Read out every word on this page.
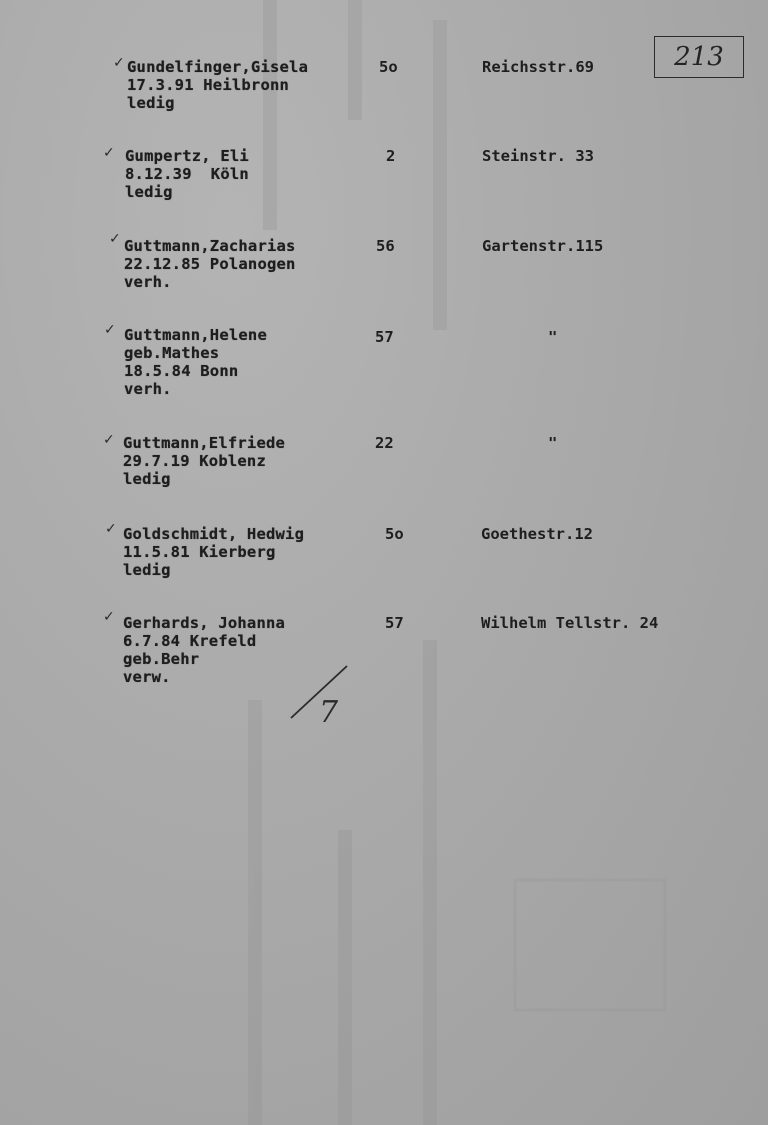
213
✓ Gundelfinger,Gisela
17.3.91 Heilbronn
ledig
5o	Reichsstr.69
✓ Gumpertz, Eli
8.12.39  Köln
ledig
2	Steinstr. 33
✓ Guttmann,Zacharias
22.12.85 Polanogen
verh.
56	Gartenstr.115
✓ Guttmann,Helene
geb.Mathes
18.5.84 Bonn
verh.
57	"
✓ Guttmann,Elfriede
29.7.19 Koblenz
ledig
22	"
✓ Goldschmidt, Hedwig
11.5.81 Kierberg
ledig
5o	Goethestr.12
✓ Gerhards, Johanna
6.7.84 Krefeld
geb.Behr
verw.
57	Wilhelm Tellstr. 24
7
